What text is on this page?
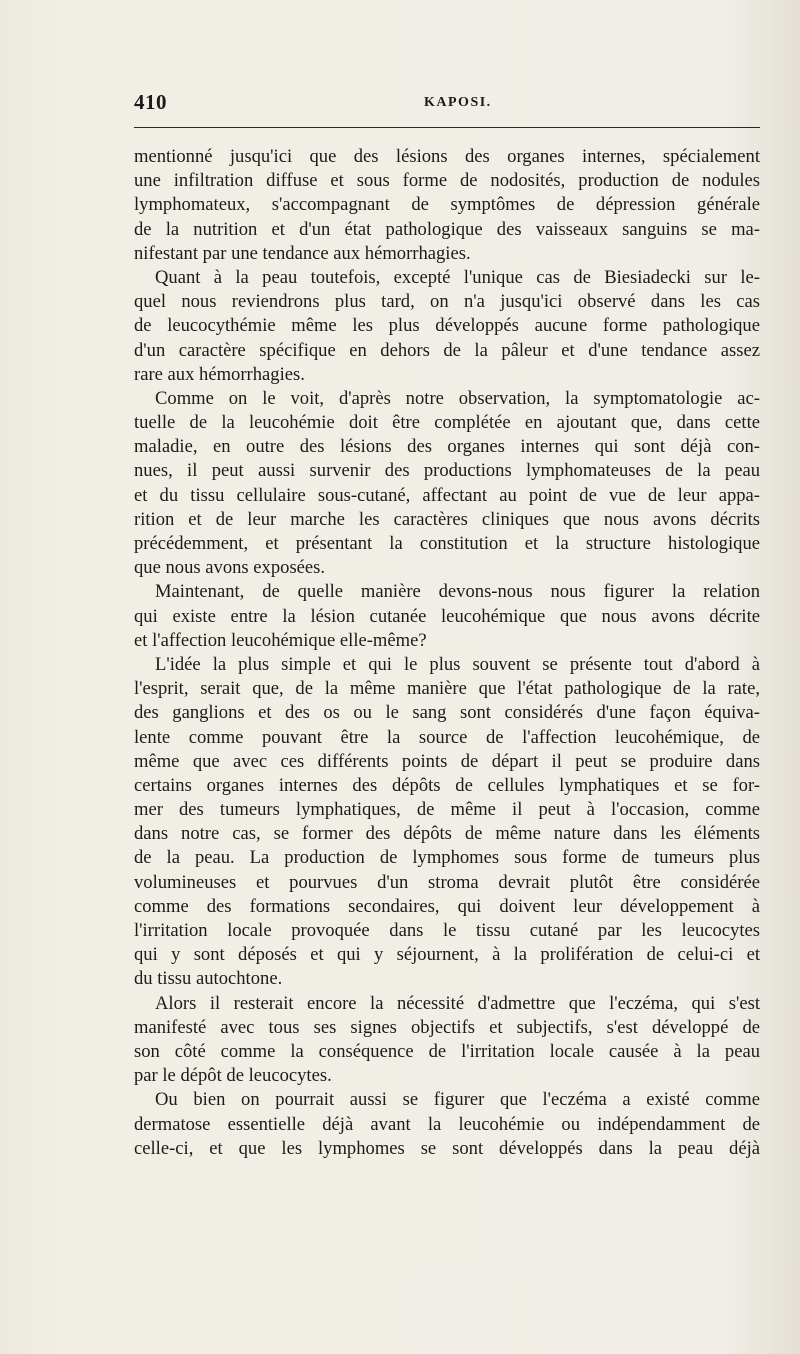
410	KAPOSI.
mentionné jusqu'ici que des lésions des organes internes, spécialement
une infiltration diffuse et sous forme de nodosités, production de nodules
lymphomateux, s'accompagnant de symptômes de dépression générale
de la nutrition et d'un état pathologique des vaisseaux sanguins se ma-
nifestant par une tendance aux hémorrhagies.
Quant à la peau toutefois, excepté l'unique cas de Biesiadecki sur le-
quel nous reviendrons plus tard, on n'a jusqu'ici observé dans les cas
de leucocythémie même les plus développés aucune forme pathologique
d'un caractère spécifique en dehors de la pâleur et d'une tendance assez
rare aux hémorrhagies.
Comme on le voit, d'après notre observation, la symptomatologie ac-
tuelle de la leucohémie doit être complétée en ajoutant que, dans cette
maladie, en outre des lésions des organes internes qui sont déjà con-
nues, il peut aussi survenir des productions lymphomateuses de la peau
et du tissu cellulaire sous-cutané, affectant au point de vue de leur appa-
rition et de leur marche les caractères cliniques que nous avons décrits
précédemment, et présentant la constitution et la structure histologique
que nous avons exposées.
Maintenant, de quelle manière devons-nous nous figurer la relation
qui existe entre la lésion cutanée leucohémique que nous avons décrite
et l'affection leucohémique elle-même?
L'idée la plus simple et qui le plus souvent se présente tout d'abord à
l'esprit, serait que, de la même manière que l'état pathologique de la rate,
des ganglions et des os ou le sang sont considérés d'une façon équiva-
lente comme pouvant être la source de l'affection leucohémique, de
même que avec ces différents points de départ il peut se produire dans
certains organes internes des dépôts de cellules lymphatiques et se for-
mer des tumeurs lymphatiques, de même il peut à l'occasion, comme
dans notre cas, se former des dépôts de même nature dans les éléments
de la peau. La production de lymphomes sous forme de tumeurs plus
volumineuses et pourvues d'un stroma devrait plutôt être considérée
comme des formations secondaires, qui doivent leur développement à
l'irritation locale provoquée dans le tissu cutané par les leucocytes
qui y sont déposés et qui y séjournent, à la prolifération de celui-ci et
du tissu autochtone.
Alors il resterait encore la nécessité d'admettre que l'eczéma, qui s'est
manifesté avec tous ses signes objectifs et subjectifs, s'est développé de
son côté comme la conséquence de l'irritation locale causée à la peau
par le dépôt de leucocytes.
Ou bien on pourrait aussi se figurer que l'eczéma a existé comme
dermatose essentielle déjà avant la leucohémie ou indépendamment de
celle-ci, et que les lymphomes se sont développés dans la peau déjà
